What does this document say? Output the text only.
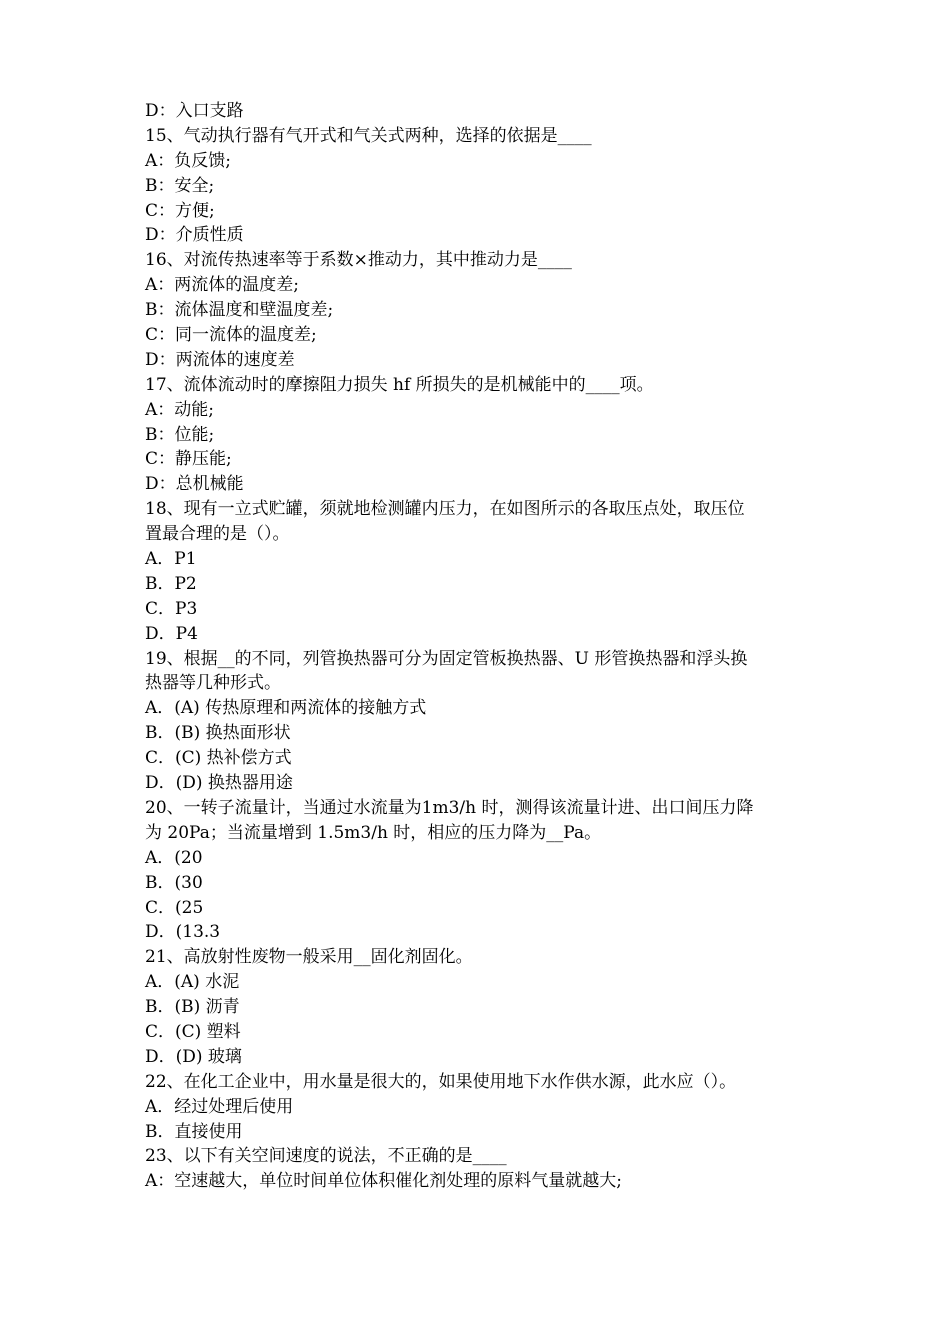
D：入口支路
15、气动执行器有气开式和气关式两种，选择的依据是____
A：负反馈;
B：安全;
C：方便;
D：介质性质
16、对流传热速率等于系数×推动力，其中推动力是____
A：两流体的温度差;
B：流体温度和壁温度差;
C：同一流体的温度差;
D：两流体的速度差
17、流体流动时的摩擦阻力损失 hf 所损失的是机械能中的____项。
A：动能;
B：位能;
C：静压能;
D：总机械能
18、现有一立式贮罐，须就地检测罐内压力，在如图所示的各取压点处，取压位
置最合理的是（）。
A．P1
B．P2
C．P3
D．P4
19、根据__的不同，列管换热器可分为固定管板换热器、U 形管换热器和浮头换
热器等几种形式。
A．(A) 传热原理和两流体的接触方式
B．(B) 换热面形状
C．(C) 热补偿方式
D．(D) 换热器用途
20、一转子流量计，当通过水流量为1m3/h 时，测得该流量计进、出口间压力降
为 20Pa；当流量增到 1.5m3/h 时，相应的压力降为__Pa。
A．(20
B．(30
C．(25
D．(13.3
21、高放射性废物一般采用__固化剂固化。
A．(A) 水泥
B．(B) 沥青
C．(C) 塑料
D．(D) 玻璃
22、在化工企业中，用水量是很大的，如果使用地下水作供水源，此水应（）。
A．经过处理后使用
B．直接使用
23、以下有关空间速度的说法，不正确的是____
A：空速越大，单位时间单位体积催化剂处理的原料气量就越大;
